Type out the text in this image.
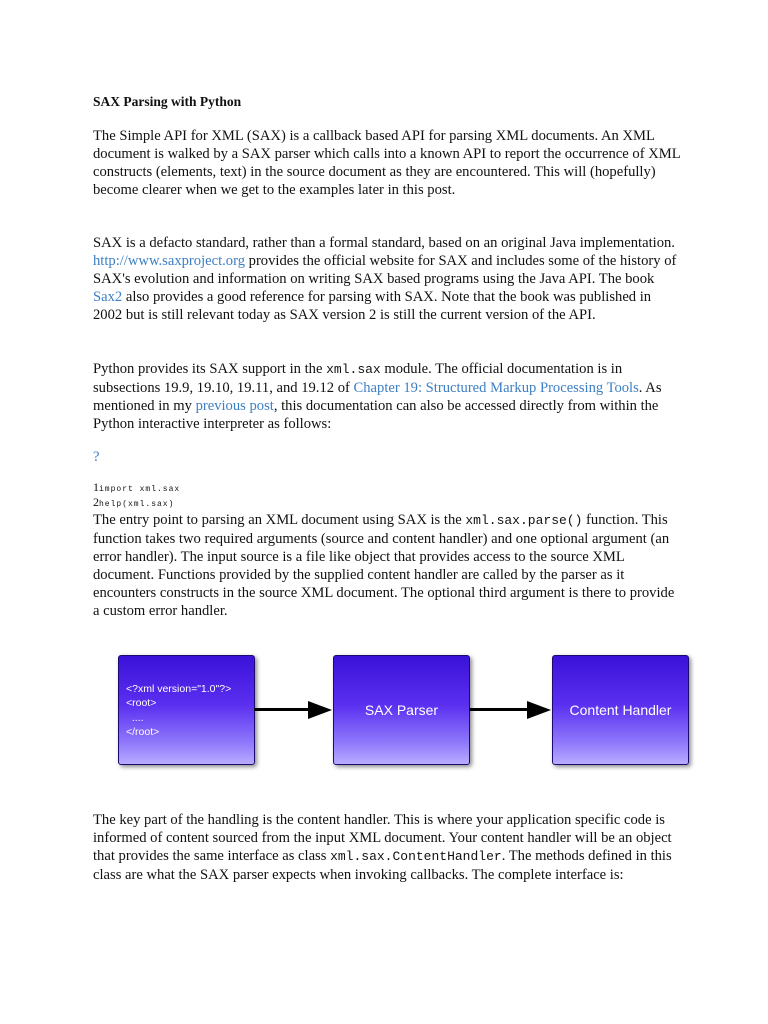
SAX Parsing with Python

The Simple API for XML (SAX) is a callback based API for parsing XML documents. An XML document is walked by a SAX parser which calls into a known API to report the occurrence of XML constructs (elements, text) in the source document as they are encountered. This will (hopefully) become clearer when we get to the examples later in this post.

SAX is a defacto standard, rather than a formal standard, based on an original Java implementation. http://www.saxproject.org provides the official website for SAX and includes some of the history of SAX's evolution and information on writing SAX based programs using the Java API. The book Sax2 also provides a good reference for parsing with SAX. Note that the book was published in 2002 but is still relevant today as SAX version 2 is still the current version of the API.

Python provides its SAX support in the xml.sax module. The official documentation is in subsections 19.9, 19.10, 19.11, and 19.12 of Chapter 19: Structured Markup Processing Tools. As mentioned in my previous post, this documentation can also be accessed directly from within the Python interactive interpreter as follows:

?
1import xml.sax
2help(xml.sax)

The entry point to parsing an XML document using SAX is the xml.sax.parse() function. This function takes two required arguments (source and content handler) and one optional argument (an error handler). The input source is a file like object that provides access to the source XML document. Functions provided by the supplied content handler are called by the parser as it encounters constructs in the source XML document. The optional third argument is there to provide a custom error handler.

<?xml version="1.0"?>
<root>
....
</root>
SAX Parser	Content Handler

The key part of the handling is the content handler. This is where your application specific code is informed of content sourced from the input XML document. Your content handler will be an object that provides the same interface as class xml.sax.ContentHandler. The methods defined in this class are what the SAX parser expects when invoking callbacks. The complete interface is:
